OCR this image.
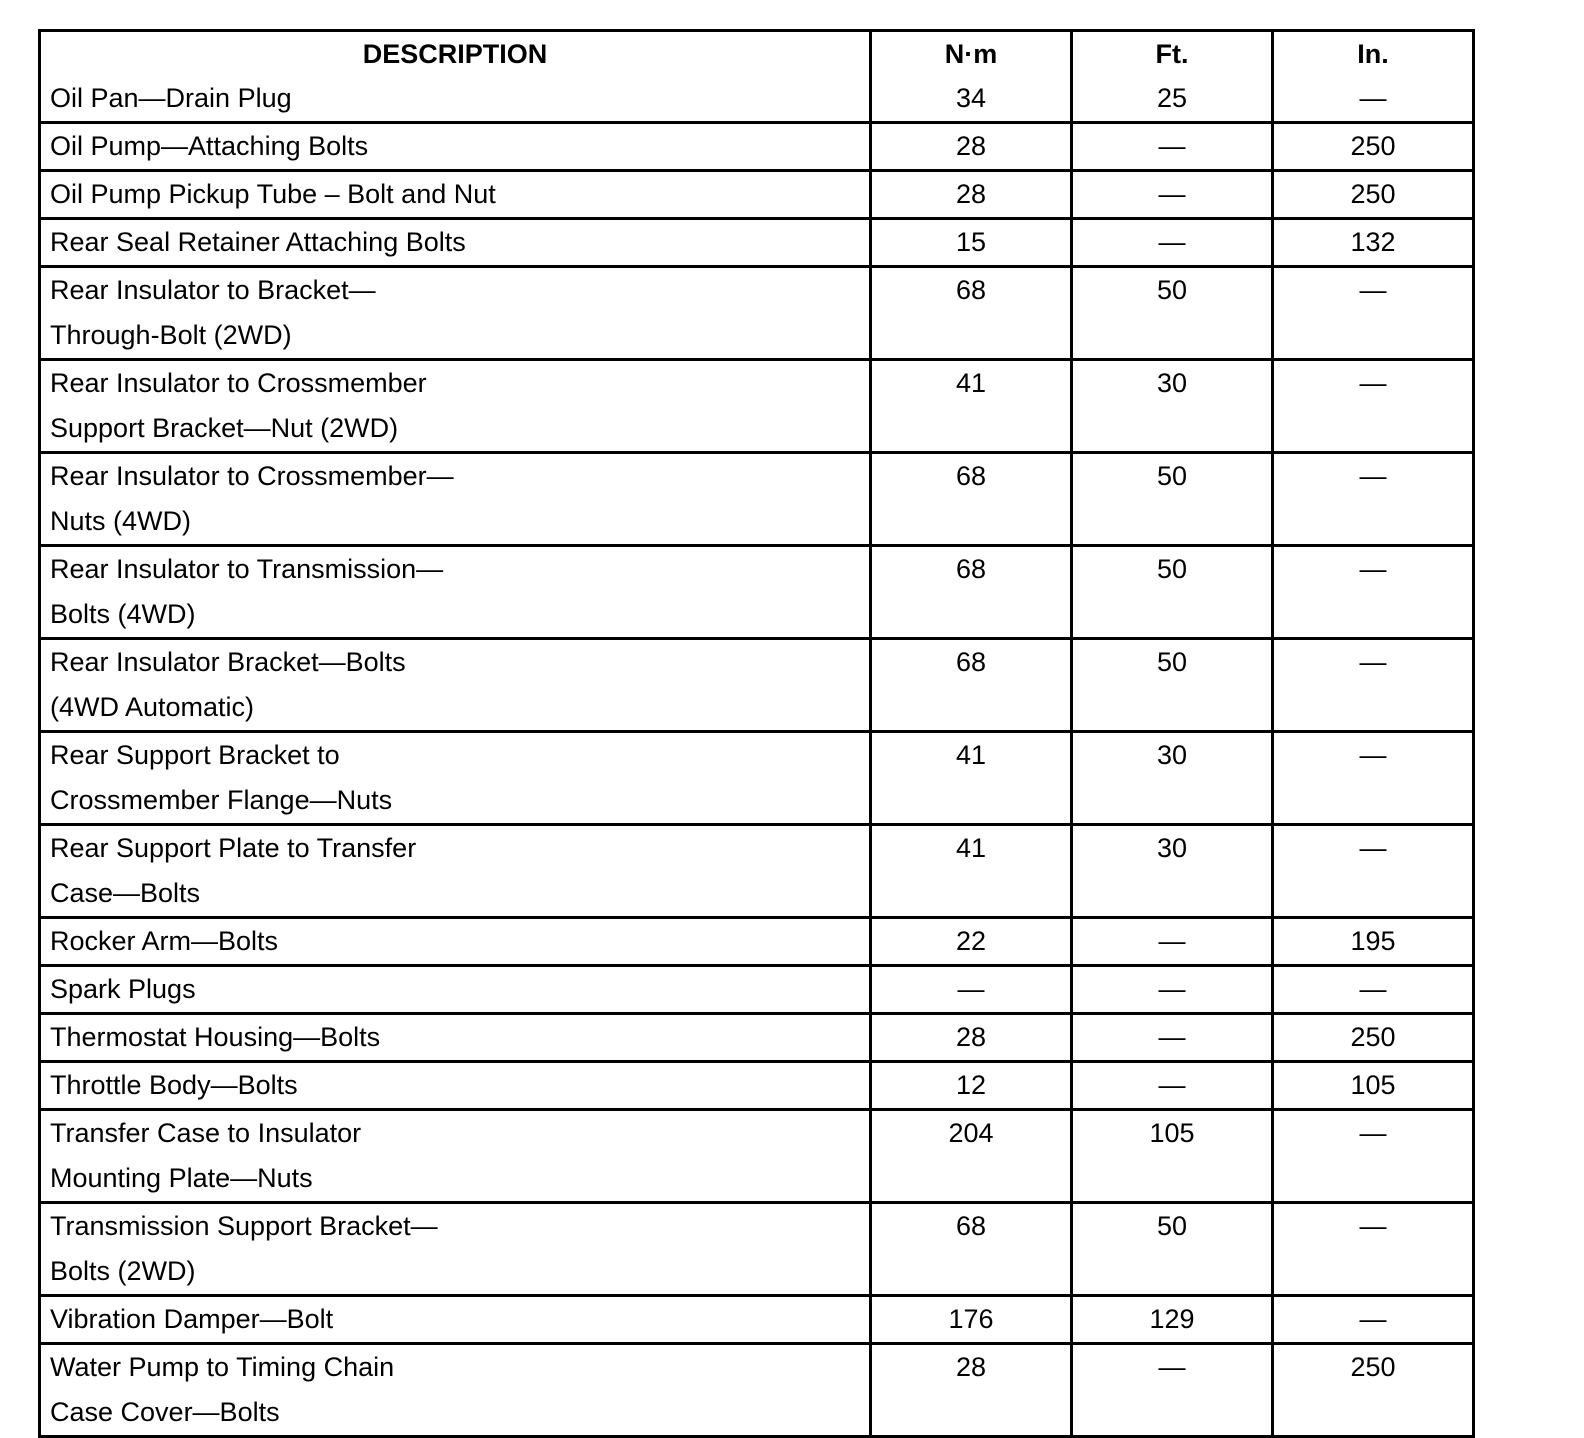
DESCRIPTION	N·m	Ft.	In.

Oil Pan—Drain Plug	34	25	—

Oil Pump—Attaching Bolts	28	—	250

Oil Pump Pickup Tube – Bolt and Nut	28	—	250

Rear Seal Retainer Attaching Bolts	15	—	132

Rear Insulator to Bracket—
Through-Bolt (2WD)	68	50	—

Rear Insulator to Crossmember
Support Bracket—Nut (2WD)	41	30	—

Rear Insulator to Crossmember—
Nuts (4WD)	68	50	—

Rear Insulator to Transmission—
Bolts (4WD)	68	50	—

Rear Insulator Bracket—Bolts
(4WD Automatic)	68	50	—

Rear Support Bracket to
Crossmember Flange—Nuts	41	30	—

Rear Support Plate to Transfer
Case—Bolts	41	30	—

Rocker Arm—Bolts	22	—	195

Spark Plugs	—	—	—

Thermostat Housing—Bolts	28	—	250

Throttle Body—Bolts	12	—	105

Transfer Case to Insulator
Mounting Plate—Nuts	204	105	—

Transmission Support Bracket—
Bolts (2WD)	68	50	—

Vibration Damper—Bolt	176	129	—

Water Pump to Timing Chain
Case Cover—Bolts	28	—	250
